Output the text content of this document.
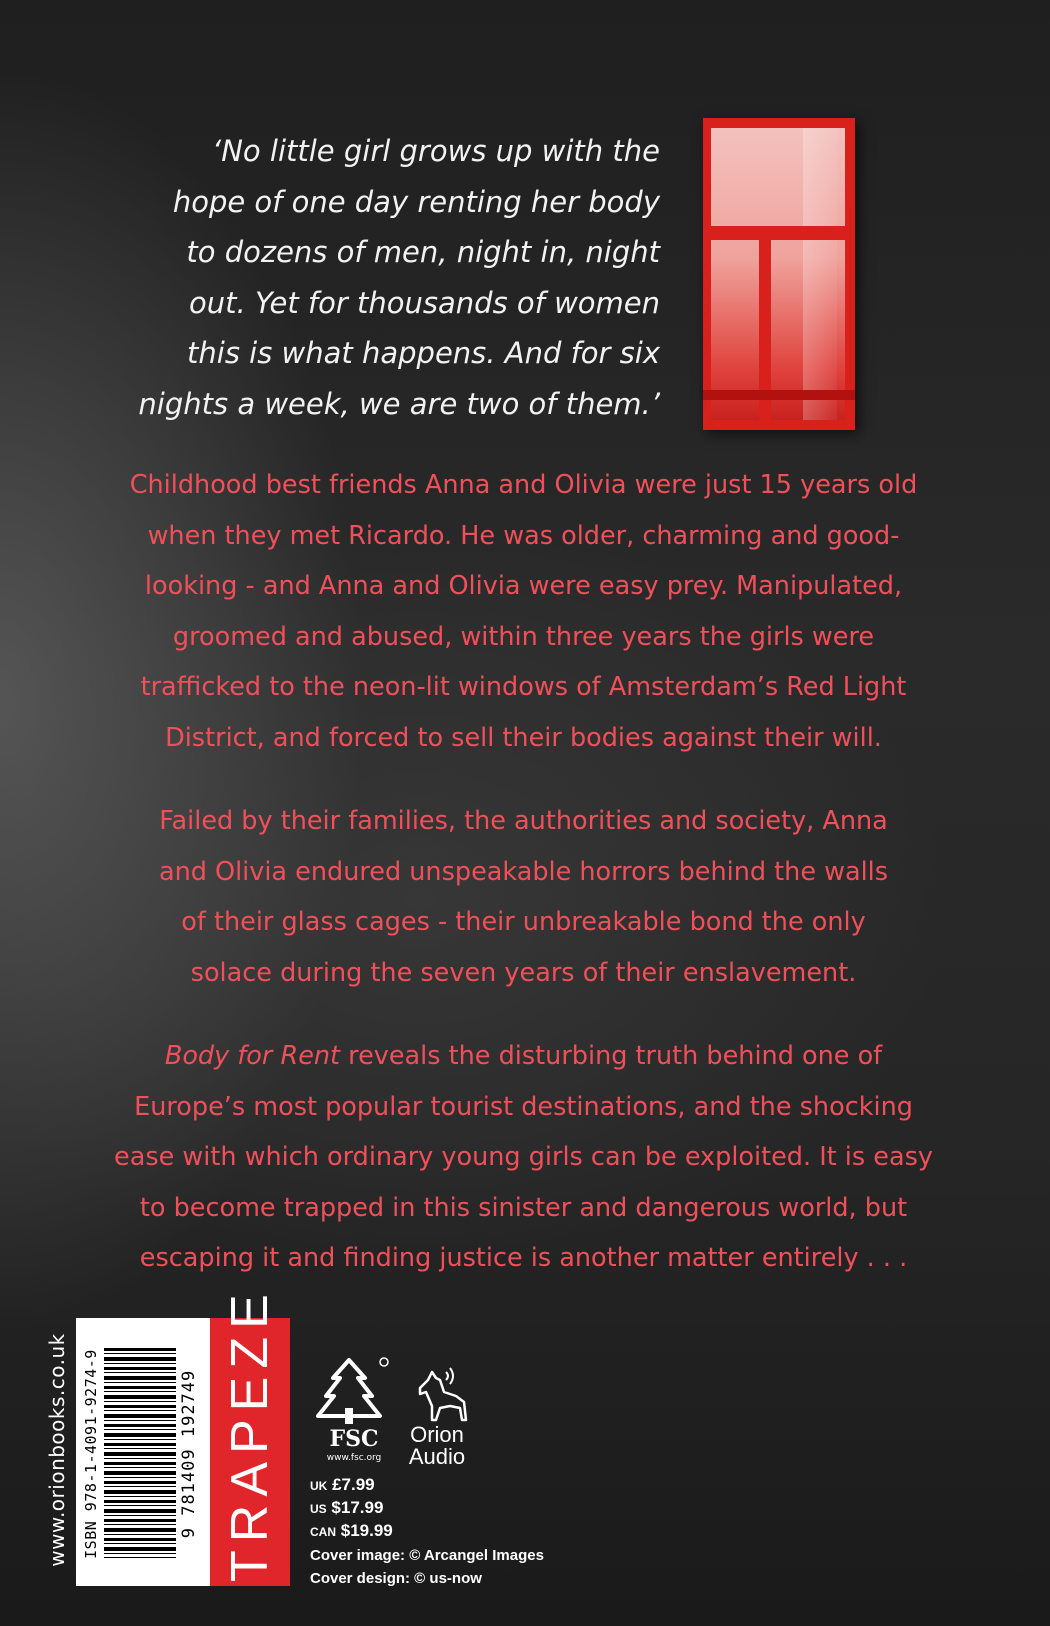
‘No little girl grows up with the
hope of one day renting her body
to dozens of men, night in, night
out. Yet for thousands of women
this is what happens. And for six
nights a week, we are two of them.’

Childhood best friends Anna and Olivia were just 15 years old
when they met Ricardo. He was older, charming and good-
looking - and Anna and Olivia were easy prey. Manipulated,
groomed and abused, within three years the girls were
trafficked to the neon-lit windows of Amsterdam’s Red Light
District, and forced to sell their bodies against their will.

Failed by their families, the authorities and society, Anna
and Olivia endured unspeakable horrors behind the walls
of their glass cages - their unbreakable bond the only
solace during the seven years of their enslavement.

Body for Rent reveals the disturbing truth behind one of
Europe’s most popular tourist destinations, and the shocking
ease with which ordinary young girls can be exploited. It is easy
to become trapped in this sinister and dangerous world, but
escaping it and finding justice is another matter entirely . . .

www.orionbooks.co.uk ISBN 978-1-4091-9274-9	9 781409 192749 TRAPEZE	FSC

www.fsc.org

Orion
Audio

UK £7.99

US $17.99

CAN $19.99

Cover image: © Arcangel Images

Cover design: © us-now
